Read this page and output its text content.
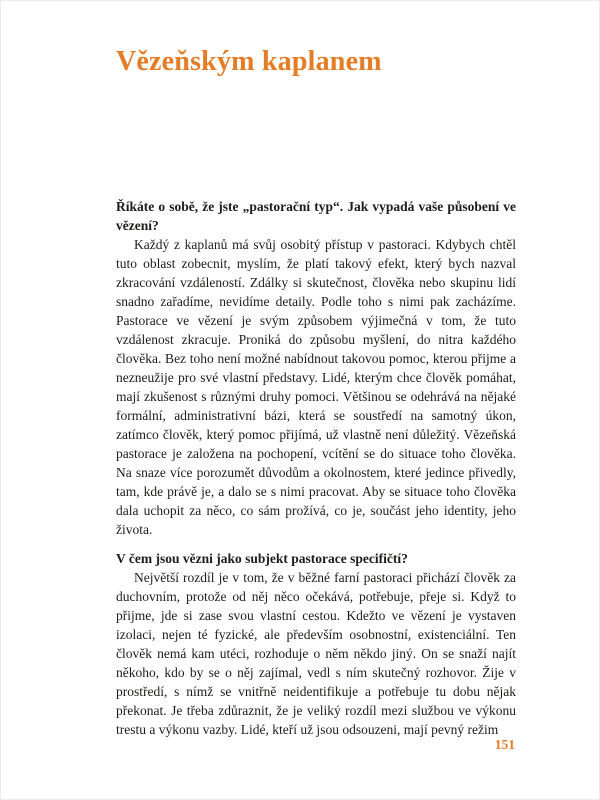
Vězeňským kaplanem

Říkáte o sobě, že jste „pastorační typ“. Jak vypadá vaše působení ve vězení?

Každý z kaplanů má svůj osobitý přístup v pastoraci. Kdybych chtěl tuto oblast zobecnit, myslím, že platí takový efekt, který bych nazval zkracování vzdáleností. Zdálky si skutečnost, člověka nebo skupinu lidí snadno zařadíme, nevidíme detaily. Podle toho s nimi pak zacházíme. Pastorace ve vězení je svým způsobem výjimečná v tom, že tuto vzdálenost zkracuje. Proniká do způsobu myšlení, do nitra každého člověka. Bez toho není možné nabídnout takovou pomoc, kterou přijme a nezneužije pro své vlastní představy. Lidé, kterým chce člověk pomáhat, mají zkušenost s různými druhy pomoci. Většinou se odehrává na nějaké formální, administrativní bázi, která se soustředí na samotný úkon, zatímco člověk, který pomoc přijímá, už vlastně není důležitý. Vězeňská pastorace je založena na pochopení, vcítění se do situace toho člověka. Na snaze více porozumět důvodům a okolnostem, které jedince přivedly, tam, kde právě je, a dalo se s nimi pracovat. Aby se situace toho člověka dala uchopit za něco, co sám prožívá, co je, součást jeho identity, jeho života.

V čem jsou vězni jako subjekt pastorace specifičtí?

Největší rozdíl je v tom, že v běžné farní pastoraci přichází člověk za duchovním, protože od něj něco očekává, potřebuje, přeje si. Když to přijme, jde si zase svou vlastní cestou. Kdežto ve vězení je vystaven izolaci, nejen té fyzické, ale především osobnostní, existenciální. Ten člověk nemá kam utéci, rozhoduje o něm někdo jiný. On se snaží najít někoho, kdo by se o něj zajímal, vedl s ním skutečný rozhovor. Žije v prostředí, s nímž se vnitřně neidentifikuje a potřebuje tu dobu nějak překonat. Je třeba zdůraznit, že je veliký rozdíl mezi službou ve výkonu trestu a výkonu vazby. Lidé, kteří už jsou odsouzeni, mají pevný režim

151
